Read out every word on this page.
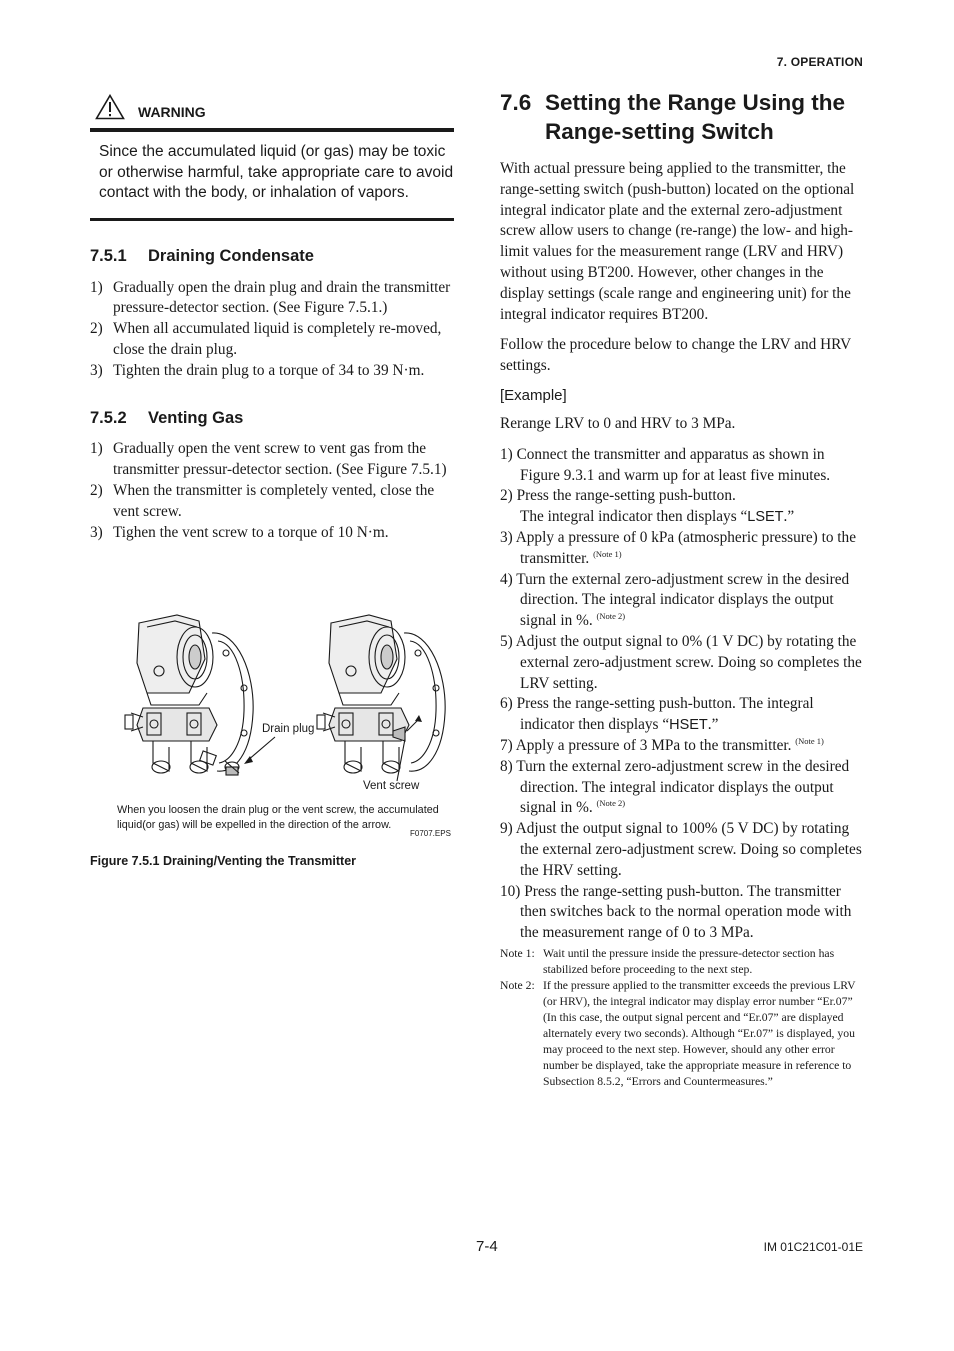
7. OPERATION
WARNING
Since the accumulated liquid (or gas) may be toxic or otherwise harmful, take appropriate care to avoid contact with the body, or inhalation of vapors.
7.5.1 Draining Condensate
1) Gradually open the drain plug and drain the transmitter pressure-detector section. (See Figure 7.5.1.)
2) When all accumulated liquid is completely re-moved, close the drain plug.
3) Tighten the drain plug to a torque of 34 to 39 N·m.
7.5.2 Venting Gas
1) Gradually open the vent screw to vent gas from the transmitter pressur-detector section. (See Figure 7.5.1)
2) When the transmitter is completely vented, close the vent screw.
3) Tighen the vent screw to a torque of 10 N·m.
Drain plug
Vent screw
When you loosen the drain plug or the vent screw, the accumulated
liquid(or gas) will be expelled in the direction of the arrow.
F0707.EPS
Figure 7.5.1 Draining/Venting the Transmitter
7.6 Setting the Range Using the
Range-setting Switch

With actual pressure being applied to the transmitter, the range-setting switch (push-button) located on the optional integral indicator plate and the external zero-adjustment screw allow users to change (re-range) the low- and high-limit values for the measurement range (LRV and HRV) without using BT200. However, other changes in the display settings (scale range and engineering unit) for the integral indicator requires BT200.

Follow the procedure below to change the LRV and HRV settings.

[Example]

Rerange LRV to 0 and HRV to 3 MPa.

1) Connect the transmitter and apparatus as shown in Figure 9.3.1 and warm up for at least five minutes.
2) Press the range-setting push-button.
The integral indicator then displays “LSET.”
3) Apply a pressure of 0 kPa (atmospheric pressure) to the transmitter. $^{(Note 1)}$
4) Turn the external zero-adjustment screw in the desired direction. The integral indicator displays the output signal in %. $^{(Note 2)}$
5) Adjust the output signal to 0% (1 V DC) by rotating the external zero-adjustment screw. Doing so completes the LRV setting.
6) Press the range-setting push-button. The integral indicator then displays “HSET.”
7) Apply a pressure of 3 MPa to the transmitter. $^{(Note 1)}$
8) Turn the external zero-adjustment screw in the desired direction. The integral indicator displays the output signal in %. $^{(Note 2)}$
9) Adjust the output signal to 100% (5 V DC) by rotating the external zero-adjustment screw. Doing so completes the HRV setting.
10) Press the range-setting push-button. The transmitter then switches back to the normal operation mode with the measurement range of 0 to 3 MPa.
Note 1: Wait until the pressure inside the pressure-detector section has stabilized before proceeding to the next step.
Note 2: If the pressure applied to the transmitter exceeds the previous LRV (or HRV), the integral indicator may display error number “Er.07” (In this case, the output signal percent and “Er.07” are displayed alternately every two seconds). Although “Er.07” is displayed, you may proceed to the next step. However, should any other error number be displayed, take the appropriate measure in reference to Subsection 8.5.2, “Errors and Countermeasures.”
7-4	IM 01C21C01-01E
